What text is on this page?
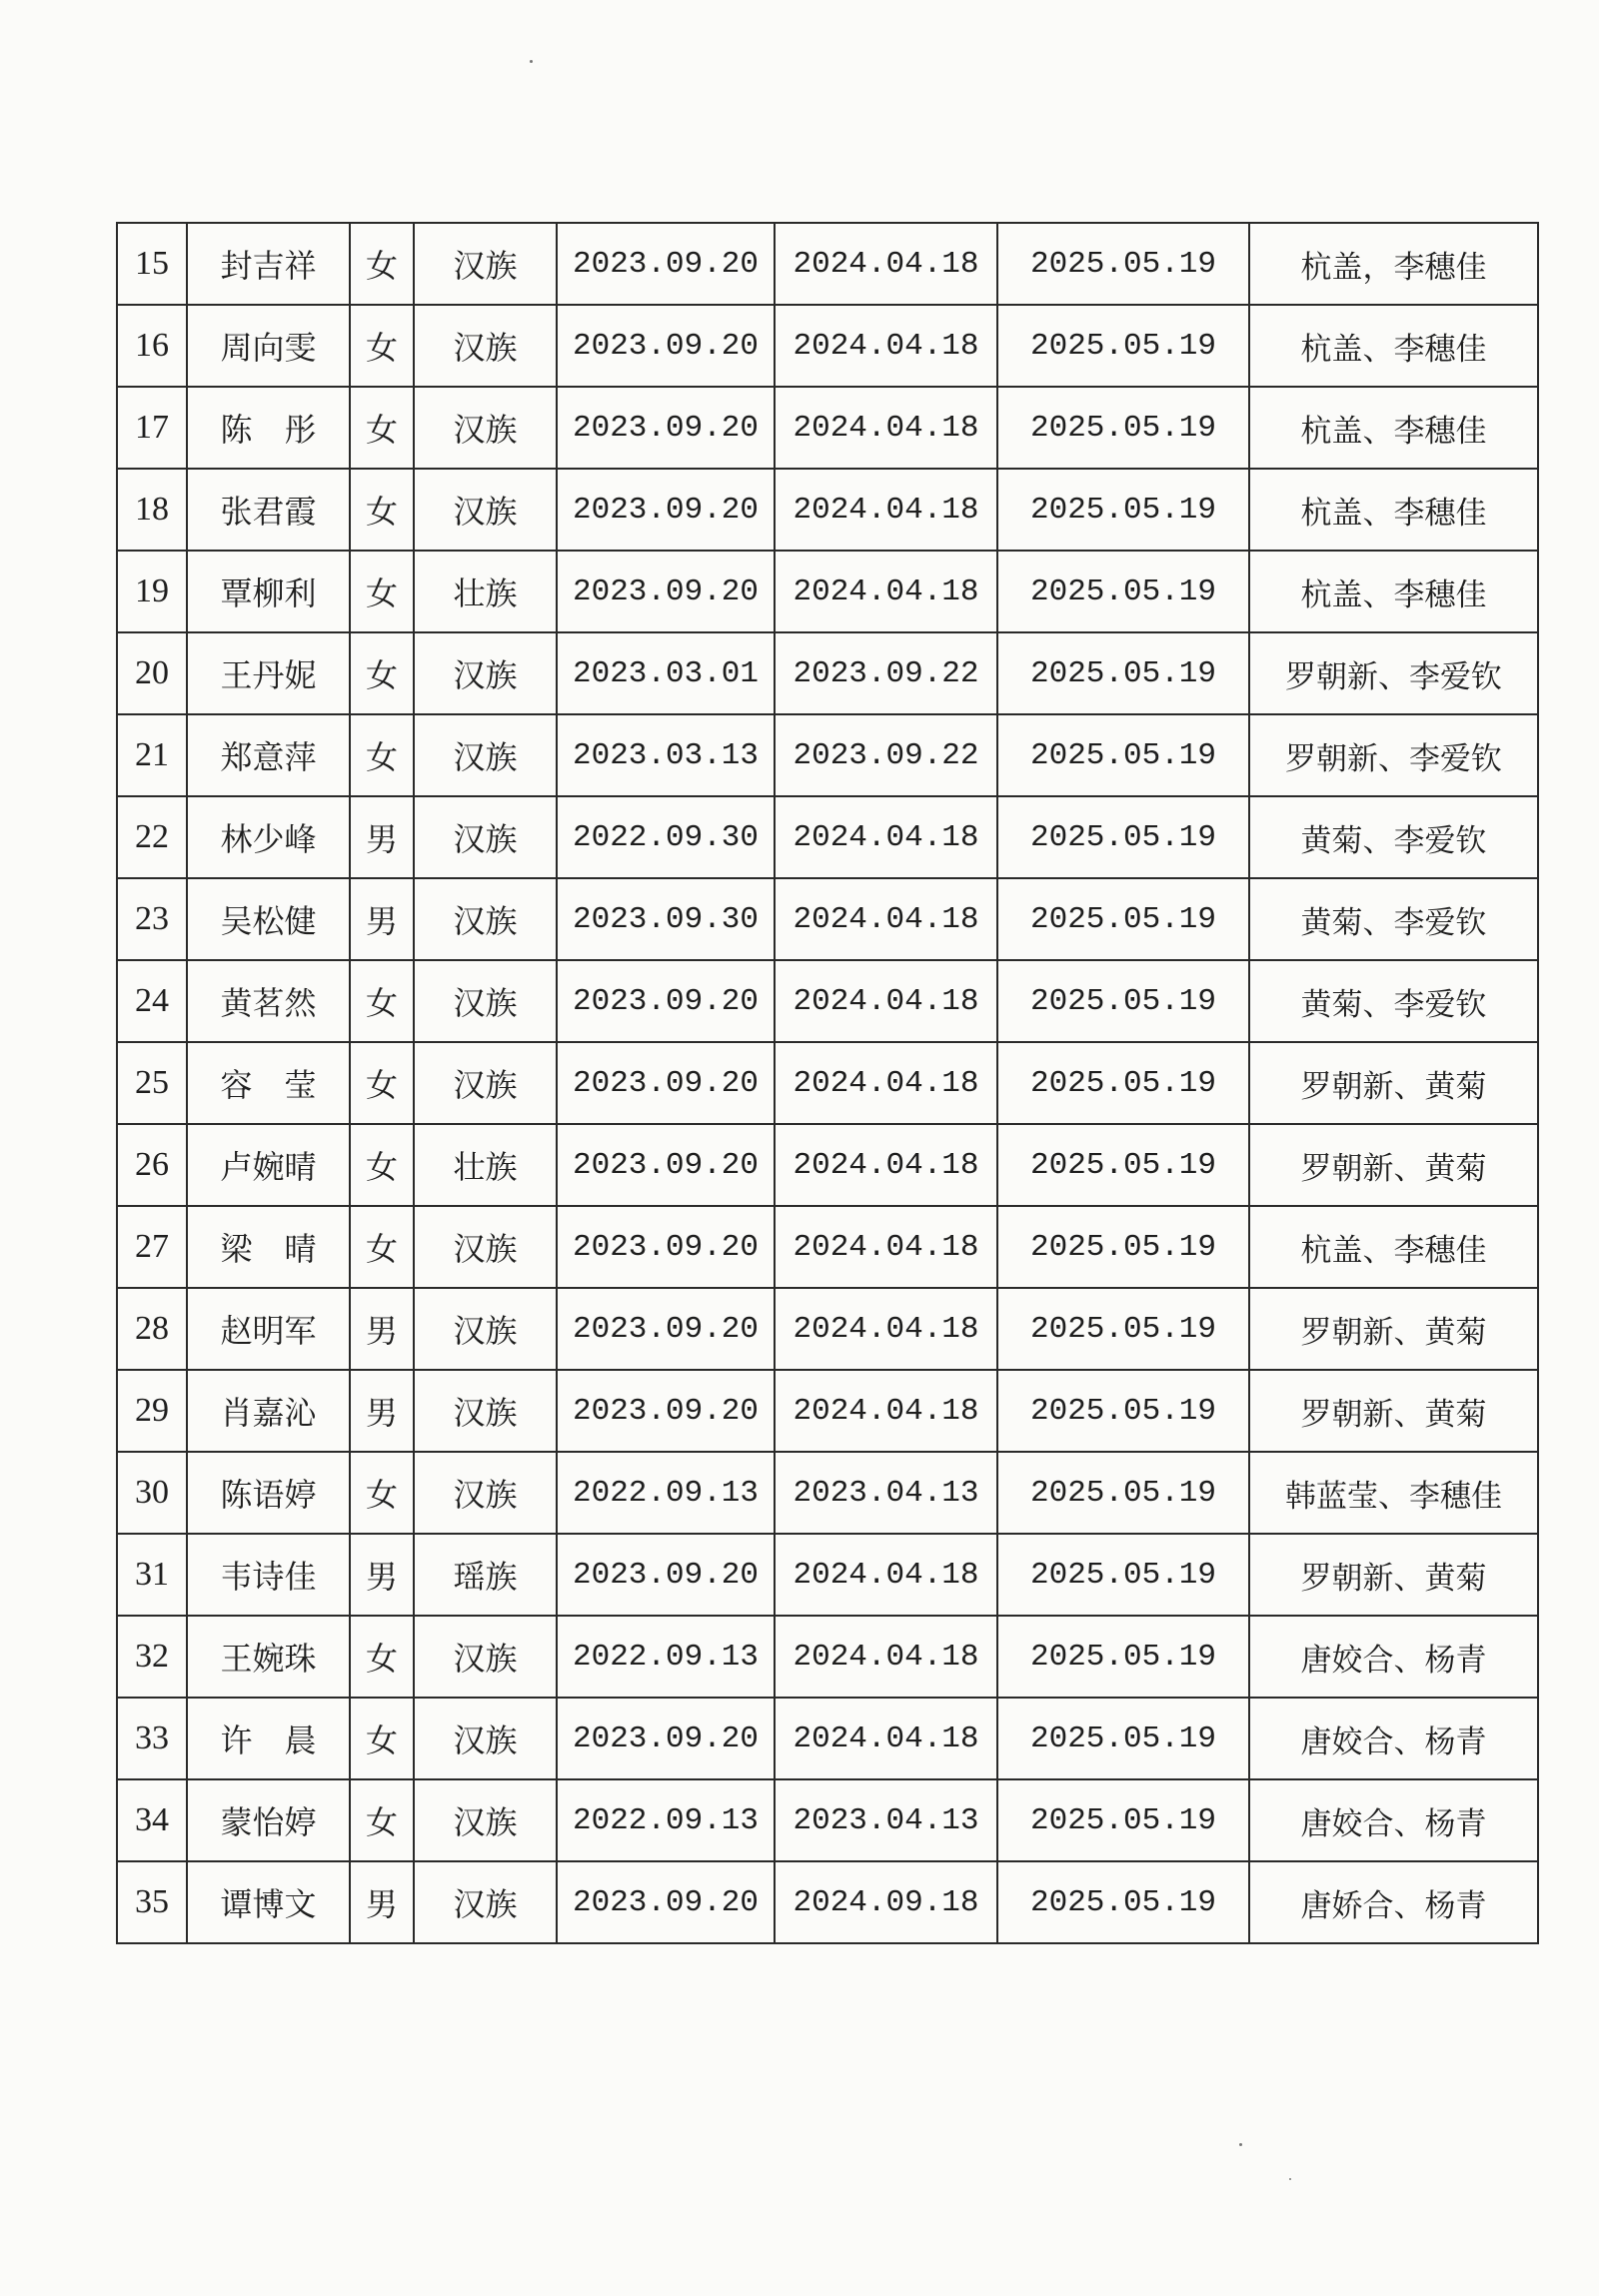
15	封吉祥	女	汉族	2023.09.20	2024.04.18	2025.05.19	杭盖，李穗佳
16	周向雯	女	汉族	2023.09.20	2024.04.18	2025.05.19	杭盖、李穗佳
17	陈　彤	女	汉族	2023.09.20	2024.04.18	2025.05.19	杭盖、李穗佳
18	张君霞	女	汉族	2023.09.20	2024.04.18	2025.05.19	杭盖、李穗佳
19	覃柳利	女	壮族	2023.09.20	2024.04.18	2025.05.19	杭盖、李穗佳
20	王丹妮	女	汉族	2023.03.01	2023.09.22	2025.05.19	罗朝新、李爱钦
21	郑意萍	女	汉族	2023.03.13	2023.09.22	2025.05.19	罗朝新、李爱钦
22	林少峰	男	汉族	2022.09.30	2024.04.18	2025.05.19	黄菊、李爱钦
23	吴松健	男	汉族	2023.09.30	2024.04.18	2025.05.19	黄菊、李爱钦
24	黄茗然	女	汉族	2023.09.20	2024.04.18	2025.05.19	黄菊、李爱钦
25	容　莹	女	汉族	2023.09.20	2024.04.18	2025.05.19	罗朝新、黄菊
26	卢婉晴	女	壮族	2023.09.20	2024.04.18	2025.05.19	罗朝新、黄菊
27	梁　晴	女	汉族	2023.09.20	2024.04.18	2025.05.19	杭盖、李穗佳
28	赵明军	男	汉族	2023.09.20	2024.04.18	2025.05.19	罗朝新、黄菊
29	肖嘉沁	男	汉族	2023.09.20	2024.04.18	2025.05.19	罗朝新、黄菊
30	陈语婷	女	汉族	2022.09.13	2023.04.13	2025.05.19	韩蓝莹、李穗佳
31	韦诗佳	男	瑶族	2023.09.20	2024.04.18	2025.05.19	罗朝新、黄菊
32	王婉珠	女	汉族	2022.09.13	2024.04.18	2025.05.19	唐姣合、杨青
33	许　晨	女	汉族	2023.09.20	2024.04.18	2025.05.19	唐姣合、杨青
34	蒙怡婷	女	汉族	2022.09.13	2023.04.13	2025.05.19	唐姣合、杨青
35	谭博文	男	汉族	2023.09.20	2024.09.18	2025.05.19	唐娇合、杨青
